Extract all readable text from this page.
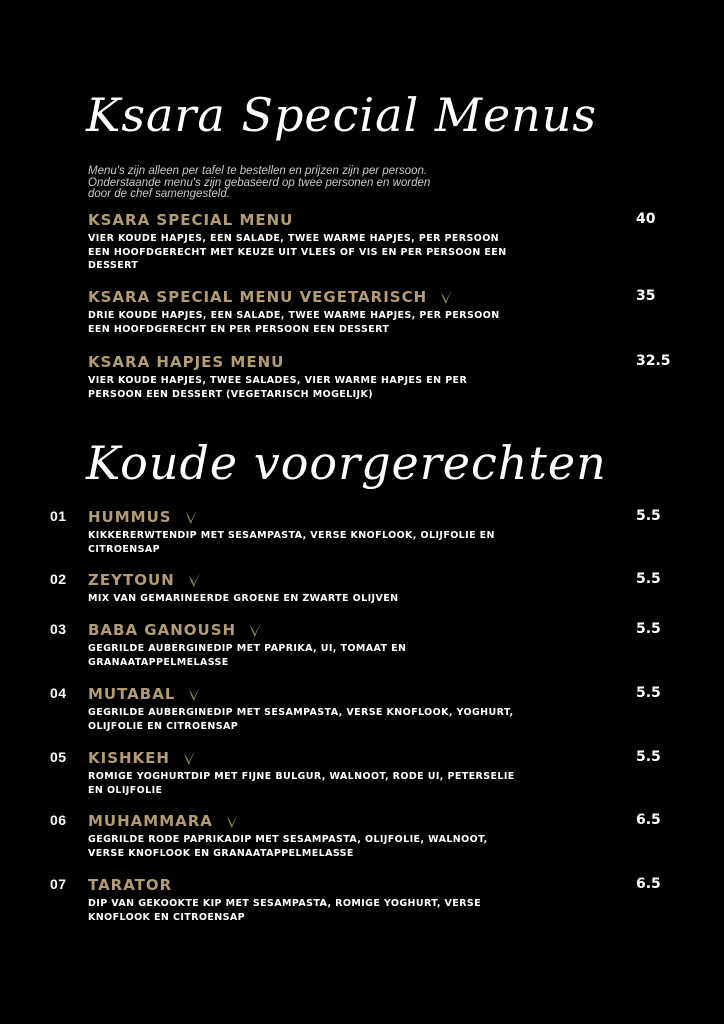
Ksara Special Menus
Menu's zijn alleen per tafel te bestellen en prijzen zijn per persoon.
Onderstaande menu's zijn gebaseerd op twee personen en worden
door de chef samengesteld.
KSARA SPECIAL MENU
VIER KOUDE HAPJES, EEN SALADE, TWEE WARME HAPJES, PER PERSOON
EEN HOOFDGERECHT MET KEUZE UIT VLEES OF VIS EN PER PERSOON EEN
DESSERT
40
KSARA SPECIAL MENU VEGETARISCH
DRIE KOUDE HAPJES, EEN SALADE, TWEE WARME HAPJES, PER PERSOON
EEN HOOFDGERECHT EN PER PERSOON EEN DESSERT
35
KSARA HAPJES MENU
VIER KOUDE HAPJES, TWEE SALADES, VIER WARME HAPJES EN PER
PERSOON EEN DESSERT (VEGETARISCH MOGELIJK)
32.5
Koude voorgerechten
01 HUMMUS
KIKKERERWTENDIP MET SESAMPASTA, VERSE KNOFLOOK, OLIJFOLIE EN
CITROENSAP
5.5
02 ZEYTOUN
MIX VAN GEMARINEERDE GROENE EN ZWARTE OLIJVEN
5.5
03 BABA GANOUSH
GEGRILDE AUBERGINEDIP MET PAPRIKA, UI, TOMAAT EN
GRANAATAPPELMELASSE
5.5
04 MUTABAL
GEGRILDE AUBERGINEDIP MET SESAMPASTA, VERSE KNOFLOOK, YOGHURT,
OLIJFOLIE EN CITROENSAP
5.5
05 KISHKEH
ROMIGE YOGHURTDIP MET FIJNE BULGUR, WALNOOT, RODE UI, PETERSELIE
EN OLIJFOLIE
5.5
06 MUHAMMARA
GEGRILDE RODE PAPRIKADIP MET SESAMPASTA, OLIJFOLIE, WALNOOT,
VERSE KNOFLOOK EN GRANAATAPPELMELASSE
6.5
07 TARATOR
DIP VAN GEKOOKTE KIP MET SESAMPASTA, ROMIGE YOGHURT, VERSE
KNOFLOOK EN CITROENSAP
6.5
